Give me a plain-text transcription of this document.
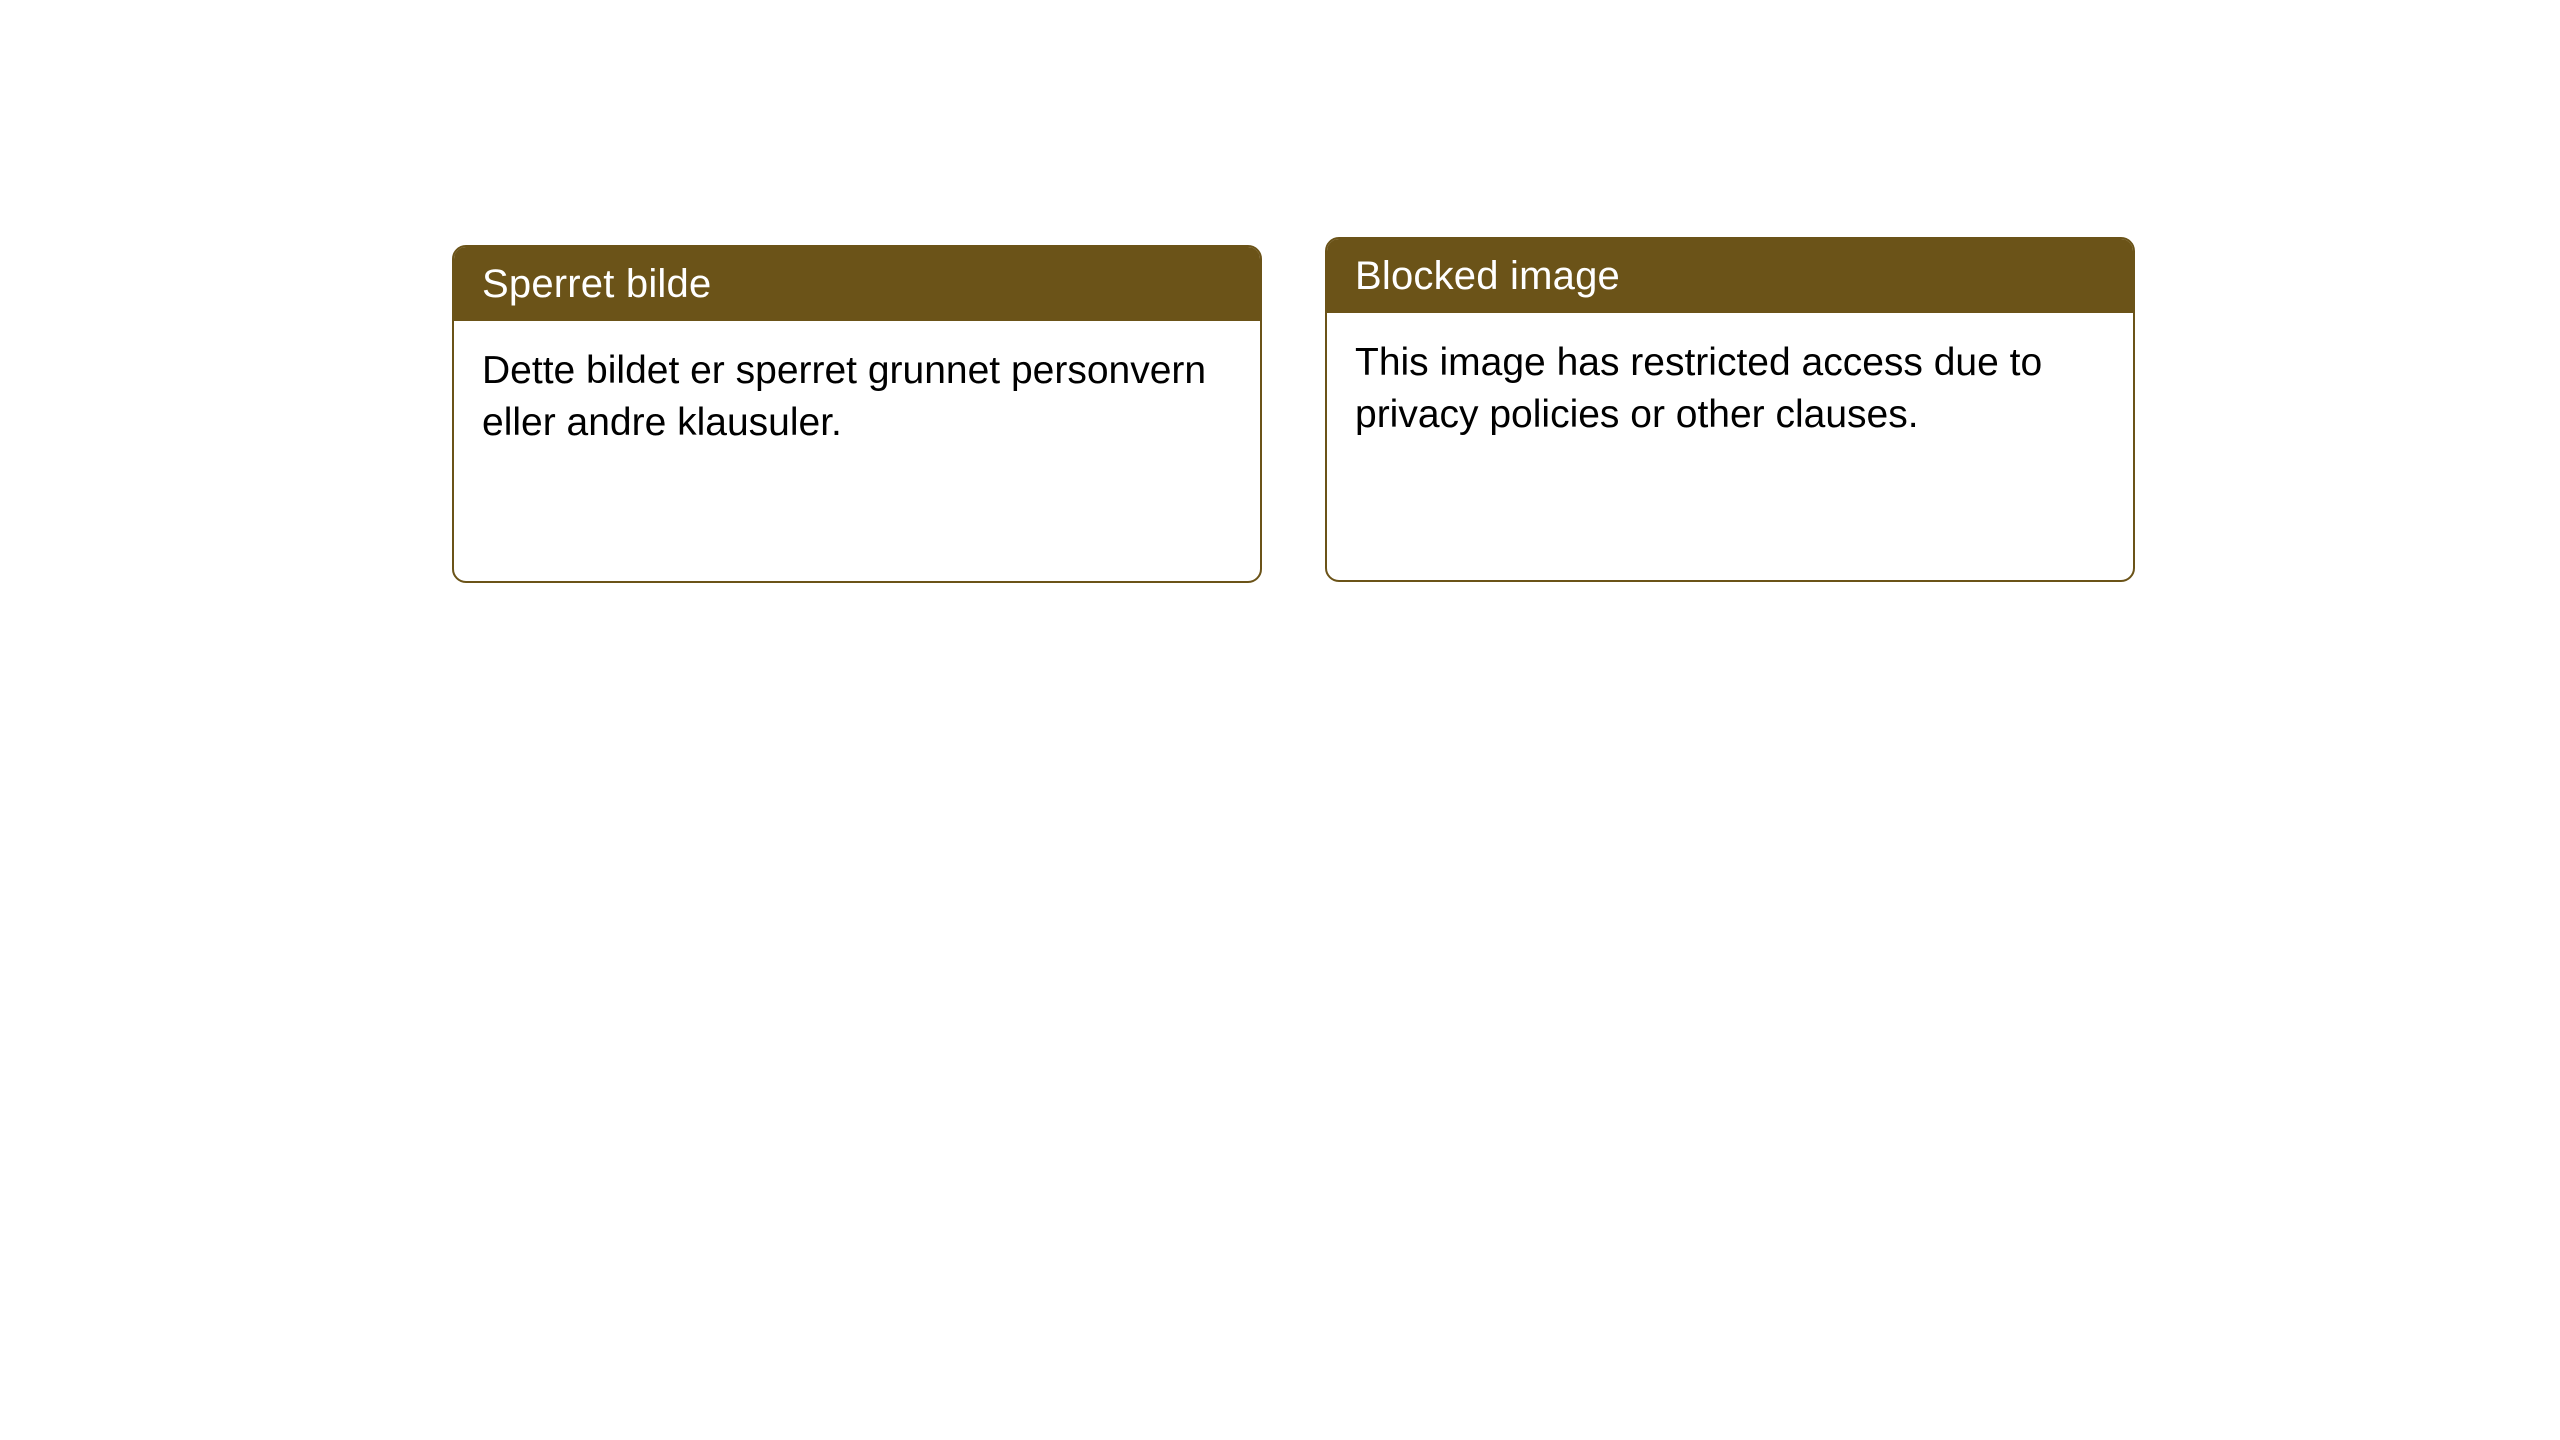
Sperret bilde

Dette bildet er sperret grunnet personvern eller andre klausuler.

Blocked image

This image has restricted access due to privacy policies or other clauses.
